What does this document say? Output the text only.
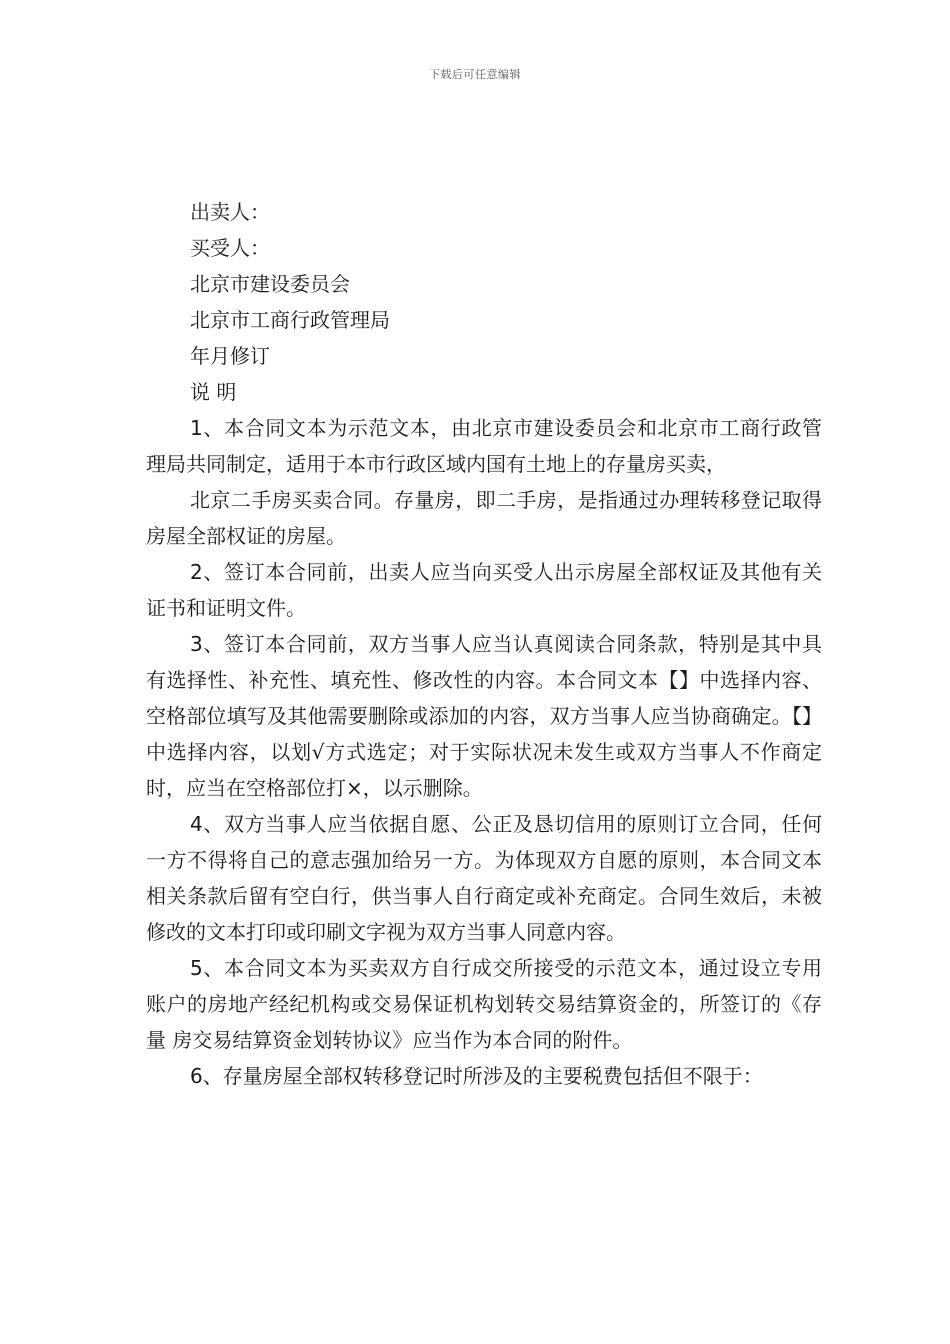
下载后可任意编辑

出卖人：

买受人：

北京市建设委员会

北京市工商行政管理局

年月修订

说 明

1、本合同文本为示范文本，由北京市建设委员会和北京市工商行政管理局共同制定，适用于本市行政区域内国有土地上的存量房买卖，

北京二手房买卖合同。存量房，即二手房，是指通过办理转移登记取得房屋全部权证的房屋。

2、签订本合同前，出卖人应当向买受人出示房屋全部权证及其他有关证书和证明文件。

3、签订本合同前，双方当事人应当认真阅读合同条款，特别是其中具有选择性、补充性、填充性、修改性的内容。本合同文本【】中选择内容、空格部位填写及其他需要删除或添加的内容，双方当事人应当协商确定。【】中选择内容，以划√方式选定；对于实际状况未发生或双方当事人不作商定时，应当在空格部位打×，以示删除。

4、双方当事人应当依据自愿、公正及恳切信用的原则订立合同，任何一方不得将自己的意志强加给另一方。为体现双方自愿的原则，本合同文本相关条款后留有空白行，供当事人自行商定或补充商定。合同生效后，未被修改的文本打印或印刷文字视为双方当事人同意内容。

5、本合同文本为买卖双方自行成交所接受的示范文本，通过设立专用账户的房地产经纪机构或交易保证机构划转交易结算资金的，所签订的《存量 房交易结算资金划转协议》应当作为本合同的附件。

6、存量房屋全部权转移登记时所涉及的主要税费包括但不限于：
